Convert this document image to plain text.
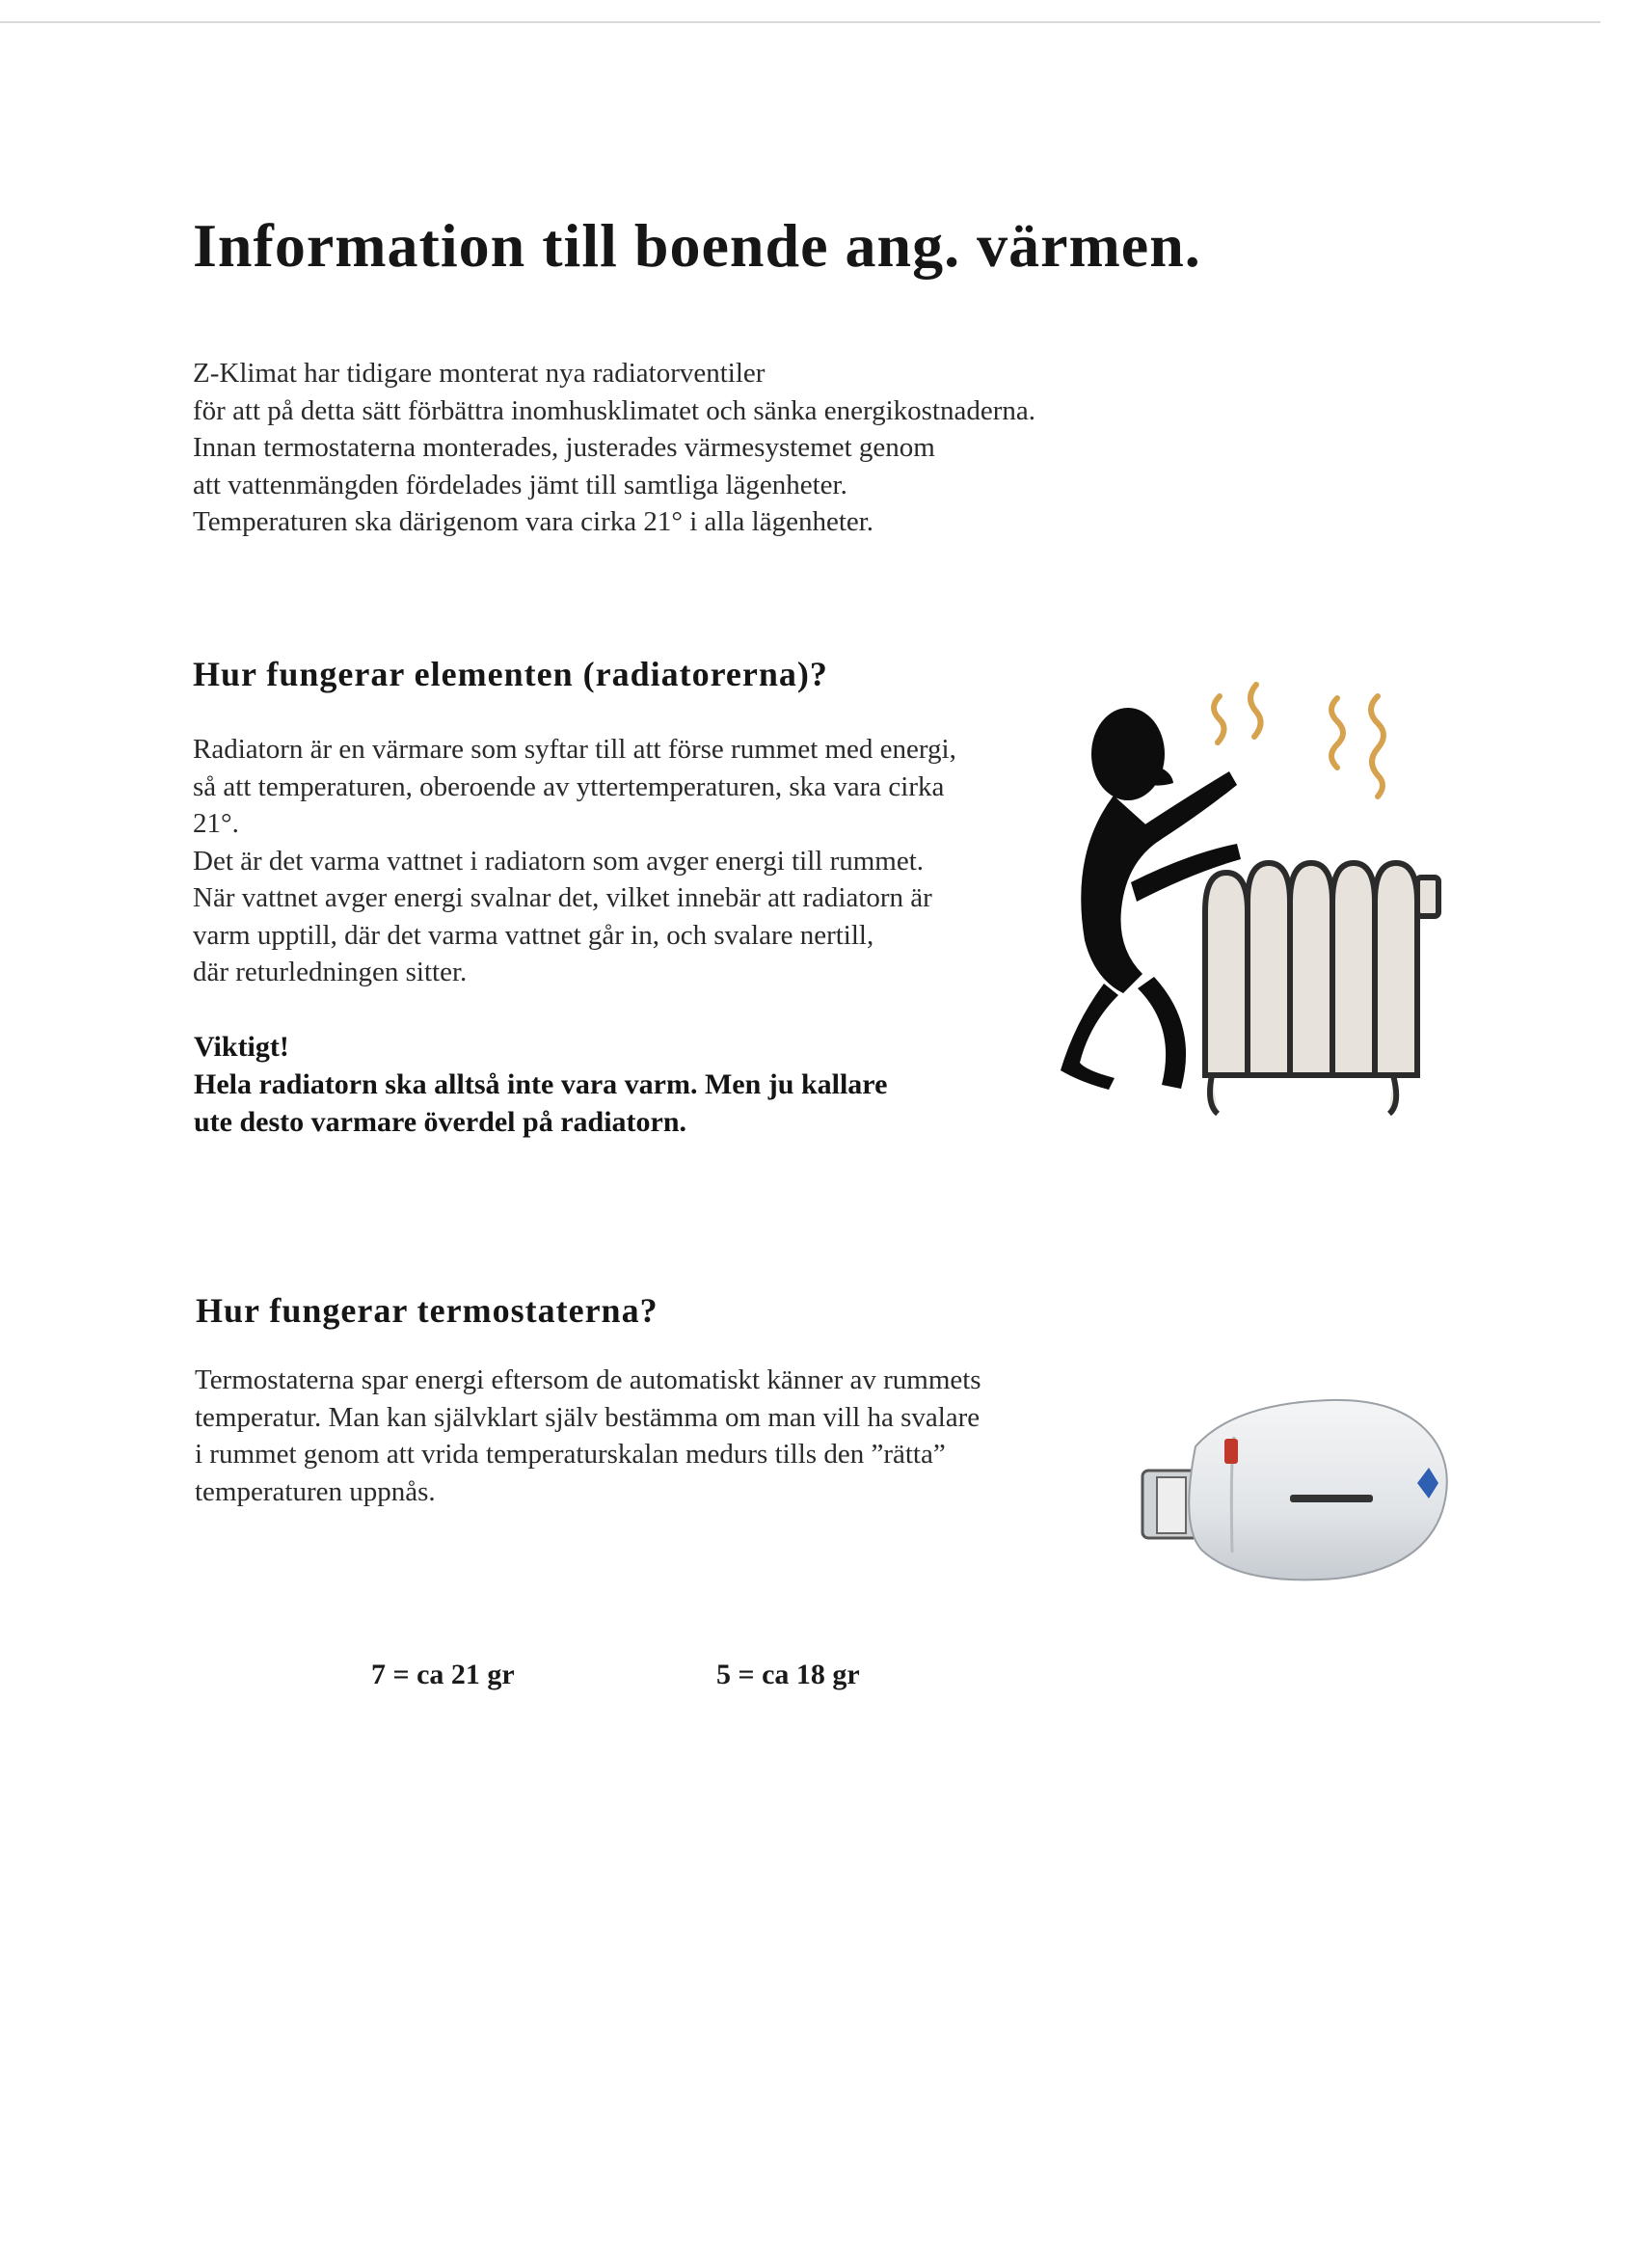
Information till boende ang. värmen.

Z-Klimat har tidigare monterat nya radiatorventiler
för att på detta sätt förbättra inomhusklimatet och sänka energikostnaderna.
Innan termostaterna monterades, justerades värmesystemet genom
att vattenmängden fördelades jämt till samtliga lägenheter.
Temperaturen ska därigenom vara cirka 21° i alla lägenheter.

Hur fungerar elementen (radiatorerna)?

Radiatorn är en värmare som syftar till att förse rummet med energi,
så att temperaturen, oberoende av yttertemperaturen, ska vara cirka
21°.
Det är det varma vattnet i radiatorn som avger energi till rummet.
När vattnet avger energi svalnar det, vilket innebär att radiatorn är
varm upptill, där det varma vattnet går in, och svalare nertill,
där returledningen sitter.

Viktigt!
Hela radiatorn ska alltså inte vara varm. Men ju kallare
ute desto varmare överdel på radiatorn.

Hur fungerar termostaterna?

Termostaterna spar energi eftersom de automatiskt känner av rummets
temperatur. Man kan självklart själv bestämma om man vill ha svalare
i rummet genom att vrida temperaturskalan medurs tills den ”rätta”
temperaturen uppnås.

7 = ca 21 gr	5 = ca 18 gr
